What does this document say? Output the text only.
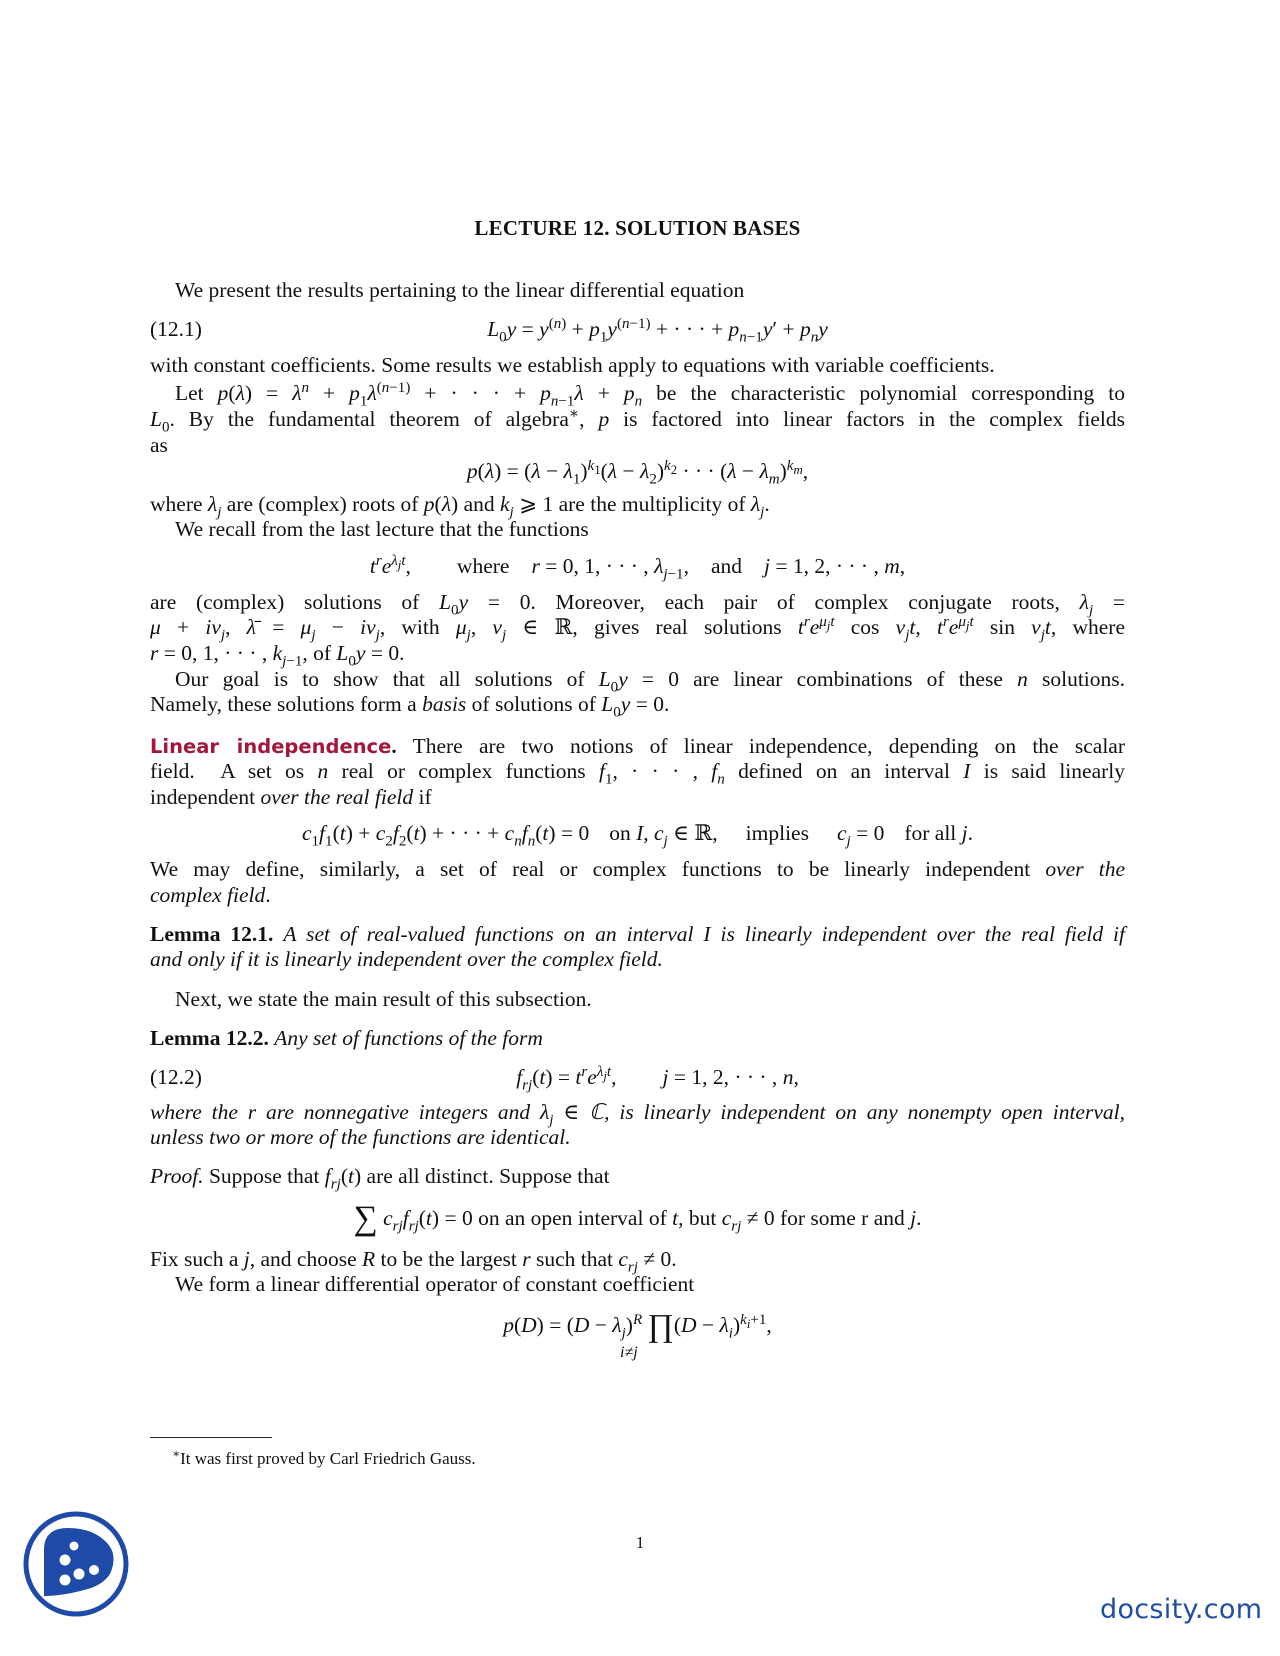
LECTURE 12. SOLUTION BASES
We present the results pertaining to the linear differential equation
(12.1)	$L_0y = y^{(n)} + p_1y^{(n-1)}$ + · · · + $p_{n-1}y' + p_ny$
with constant coefficients. Some results we establish apply to equations with variable coefficients.
Let $p(\lambda) = \lambda^n + p_1\lambda^{(n-1)}$ + · · · + $p_{n-1}\lambda + p_n$ be the characteristic polynomial corresponding to
$L_0$. By the fundamental theorem of algebra∗, p is factored into linear factors in the complex fields
as
$p(\lambda) = (\lambda - \lambda_1)^{k_1}(\lambda - \lambda_2)^{k_2}$ · · · $(\lambda - \lambda_m)^{k_m}$,
where $\lambda_j$ are (complex) roots of p(λ) and $k_j$ ⩾ 1 are the multiplicity of $\lambda_j$.
We recall from the last lecture that the functions
$t^re^{\lambda_jt}$, where r = 0, 1, · · · , $\lambda_{j-1}$, and j = 1, 2, · · · , m,
are (complex) solutions of $L_0y = 0$. Moreover, each pair of complex conjugate roots, $\lambda_j$ =
$\mu + i\nu_j$, λ̄ = $\mu_j - i\nu_j$, with $\mu_j$, $\nu_j$ ∈ ℝ, gives real solutions $t^re^{\mu_jt}$ $\cos \nu_jt$, $t^re^{\mu_jt}$ $\sin \nu_jt$, where
r = 0, 1, · · · , $k_{j-1}$, of $L_0y = 0$.
Our goal is to show that all solutions of $L_0y = 0$ are linear combinations of these n solutions.
Namely, these solutions form a basis of solutions of $L_0y = 0$.
Linear independence. There are two notions of linear independence, depending on the scalar
field.  A set os n real or complex functions $f_1$, · · · , $f_n$ defined on an interval I is said linearly
independent over the real field if
$c_1f_1(t) + c_2f_2(t)$ + · · · + $c_nf_n(t) = 0$ on I, $c_j$ ∈ ℝ, implies $c_j = 0$ for all j.
We may define, similarly, a set of real or complex functions to be linearly independent over the
complex field.
Lemma 12.1. A set of real-valued functions on an interval I is linearly independent over the real field if
and only if it is linearly independent over the complex field.
Next, we state the main result of this subsection.
Lemma 12.2. Any set of functions of the form
(12.2)	$f_{rj}(t) = t^re^{\lambda_jt}$, j = 1, 2, · · · , n,
where the r are nonnegative integers and $\lambda_j$ ∈ ℂ, is linearly independent on any nonempty open interval,
unless two or more of the functions are identical.
Proof. Suppose that $f_{rj}(t)$ are all distinct. Suppose that
∑ $c_{rj}f_{rj}(t) = 0$ on an open interval of t, but $c_{rj} \ne 0$ for some r and j.
Fix such a j, and choose R to be the largest r such that $c_{rj} \ne 0$.
We form a linear differential operator of constant coefficient
$p(D) = (D - \lambda_j)^R$ ∏(D − $\lambda_i)^{k_i+1}$,
i≠j
∗It was first proved by Carl Friedrich Gauss.
1
docsity.com
